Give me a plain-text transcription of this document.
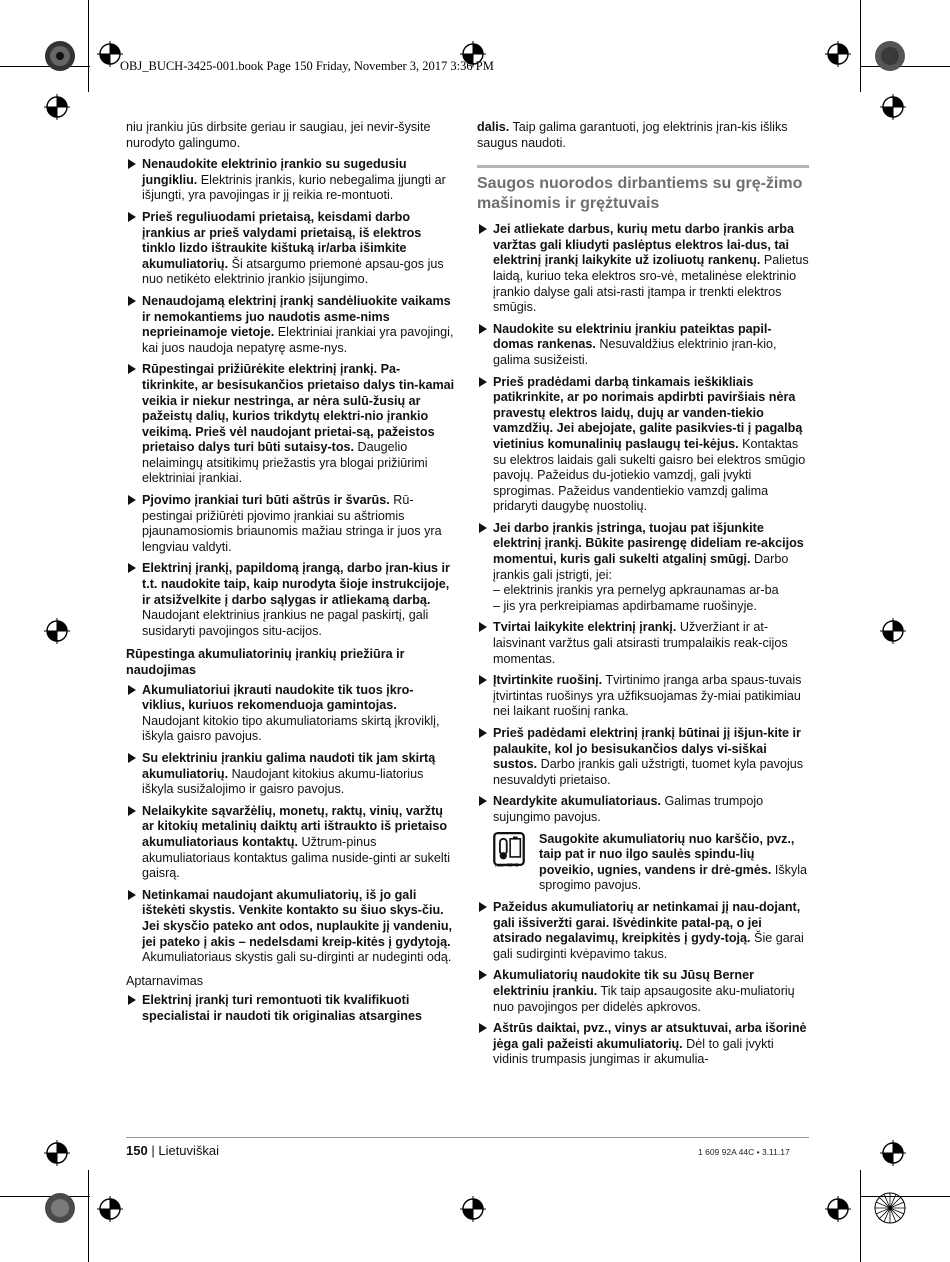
OBJ_BUCH-3425-001.book Page 150 Friday, November 3, 2017 3:36 PM

niu įrankiu jūs dirbsite geriau ir saugiau, jei nevir-šysite nurodyto galingumo.

Nenaudokite elektrinio įrankio su sugedusiu jungikliu. Elektrinis įrankis, kurio nebegalima įjungti ar išjungti, yra pavojingas ir jį reikia re-montuoti.
Prieš reguliuodami prietaisą, keisdami darbo įrankius ar prieš valydami prietaisą, iš elektros tinklo lizdo ištraukite kištuką ir/arba išimkite akumuliatorių. Ši atsargumo priemonė apsau-gos jus nuo netikėto elektrinio įrankio įsijungimo.
Nenaudojamą elektrinį įrankį sandėliuokite vaikams ir nemokantiems juo naudotis asme-nims neprieinamoje vietoje. Elektriniai įrankiai yra pavojingi, kai juos naudoja nepatyrę asme-nys.
Rūpestingai prižiūrėkite elektrinį įrankį. Pa-tikrinkite, ar besisukančios prietaiso dalys tin-kamai veikia ir niekur nestringa, ar nėra sulū-žusių ar pažeistų dalių, kurios trikdytų elektri-nio įrankio veikimą. Prieš vėl naudojant prietai-są, pažeistos prietaiso dalys turi būti sutaisy-tos. Daugelio nelaimingų atsitikimų priežastis yra blogai prižiūrimi elektriniai įrankiai.
Pjovimo įrankiai turi būti aštrūs ir švarūs. Rū-pestingai prižiūrėti pjovimo įrankiai su aštriomis pjaunamosiomis briaunomis mažiau stringa ir juos yra lengviau valdyti.
Elektrinį įrankį, papildomą įrangą, darbo įran-kius ir t.t. naudokite taip, kaip nurodyta šioje instrukcijoje, ir atsižvelkite į darbo sąlygas ir atliekamą darbą. Naudojant elektrinius įrankius ne pagal paskirtį, gali susidaryti pavojingos situ-acijos.
Rūpestinga akumuliatorinių įrankių priežiūra ir naudojimas
Akumuliatoriui įkrauti naudokite tik tuos įkro-viklius, kuriuos rekomenduoja gamintojas. Naudojant kitokio tipo akumuliatoriams skirtą įkroviklį, iškyla gaisro pavojus.
Su elektriniu įrankiu galima naudoti tik jam skirtą akumuliatorių. Naudojant kitokius akumu-liatorius iškyla susižalojimo ir gaisro pavojus.
Nelaikykite sąvaržėlių, monetų, raktų, vinių, varžtų ar kitokių metalinių daiktų arti ištraukto iš prietaiso akumuliatoriaus kontaktų. Užtrum-pinus akumuliatoriaus kontaktus galima nuside-ginti ar sukelti gaisrą.
Netinkamai naudojant akumuliatorių, iš jo gali ištekėti skystis. Venkite kontakto su šiuo skys-čiu. Jei skysčio pateko ant odos, nuplaukite jį vandeniu, jei pateko į akis – nedelsdami kreip-kitės į gydytoją. Akumuliatoriaus skystis gali su-dirginti ar nudeginti odą.
Aptarnavimas
Elektrinį įrankį turi remontuoti tik kvalifikuoti specialistai ir naudoti tik originalias atsargines

dalis. Taip galima garantuoti, jog elektrinis įran-kis išliks saugus naudoti.

Saugos nuorodos dirbantiems su grę-žimo mašinomis ir grężtuvais
Jei atliekate darbus, kurių metu darbo įrankis arba varžtas gali kliudyti paslėptus elektros lai-dus, tai elektrinį įrankį laikykite už izoliuotų rankenų. Palietus laidą, kuriuo teka elektros sro-vė, metalinėse elektrinio įrankio dalyse gali atsi-rasti įtampa ir trenkti elektros smūgis.
Naudokite su elektriniu įrankiu pateiktas papil-domas rankenas. Nesuvaldžius elektrinio įran-kio, galima susižeisti.
Prieš pradėdami darbą tinkamais ieškikliais patikrinkite, ar po norimais apdirbti paviršiais nėra pravestų elektros laidų, dujų ar vanden-tiekio vamzdžių. Jei abejojate, galite pasikvies-ti į pagalbą vietinius komunalinių paslaugų tei-kėjus. Kontaktas su elektros laidais gali sukelti gaisro bei elektros smūgio pavojų. Pažeidus du-jotiekio vamzdį, gali įvykti sprogimas. Pažeidus vandentiekio vamzdį galima pridaryti daugybę nuostolių.
Jei darbo įrankis įstringa, tuojau pat išjunkite elektrinį įrankį. Būkite pasirengę dideliam re-akcijos momentui, kuris gali sukelti atgalinį smūgį. Darbo įrankis gali įstrigti, jei:
– elektrinis įrankis yra pernelyg apkraunamas ar-ba
– jis yra perkreipiamas apdirbamame ruošinyje.
Tvirtai laikykite elektrinį įrankį. Užveržiant ir at-laisvinant varžtus gali atsirasti trumpalaikis reak-cijos momentas.
Įtvirtinkite ruošinį. Tvirtinimo įranga arba spaus-tuvais įtvirtintas ruošinys yra užfiksuojamas žy-miai patikimiau nei laikant ruošinį ranka.
Prieš padėdami elektrinį įrankį būtinai jį išjun-kite ir palaukite, kol jo besisukančios dalys vi-siškai sustos. Darbo įrankis gali užstrigti, tuomet kyla pavojus nesuvaldyti prietaiso.
Neardykite akumuliatoriaus. Galimas trumpojo sujungimo pavojus.
max. 50°C
Saugokite akumuliatorių nuo karščio, pvz., taip pat ir nuo ilgo saulės spindu-lių poveikio, ugnies, vandens ir drė-gmės. Iškyla sprogimo pavojus.
Pažeidus akumuliatorių ar netinkamai jį nau-dojant, gali išsiveržti garai. Išvėdinkite patal-pą, o jei atsirado negalavimų, kreipkitės į gydy-toją. Šie garai gali sudirginti kvėpavimo takus.
Akumuliatorių naudokite tik su Jūsų Berner elektriniu įrankiu. Tik taip apsaugosite aku-muliatorių nuo pavojingos per didelės apkrovos.
Aštrūs daiktai, pvz., vinys ar atsuktuvai, arba išorinė jėga gali pažeisti akumuliatorių. Dėl to gali įvykti vidinis trumpasis jungimas ir akumulia-
150 | Lietuviškai	1 609 92A 44C • 3.11.17
